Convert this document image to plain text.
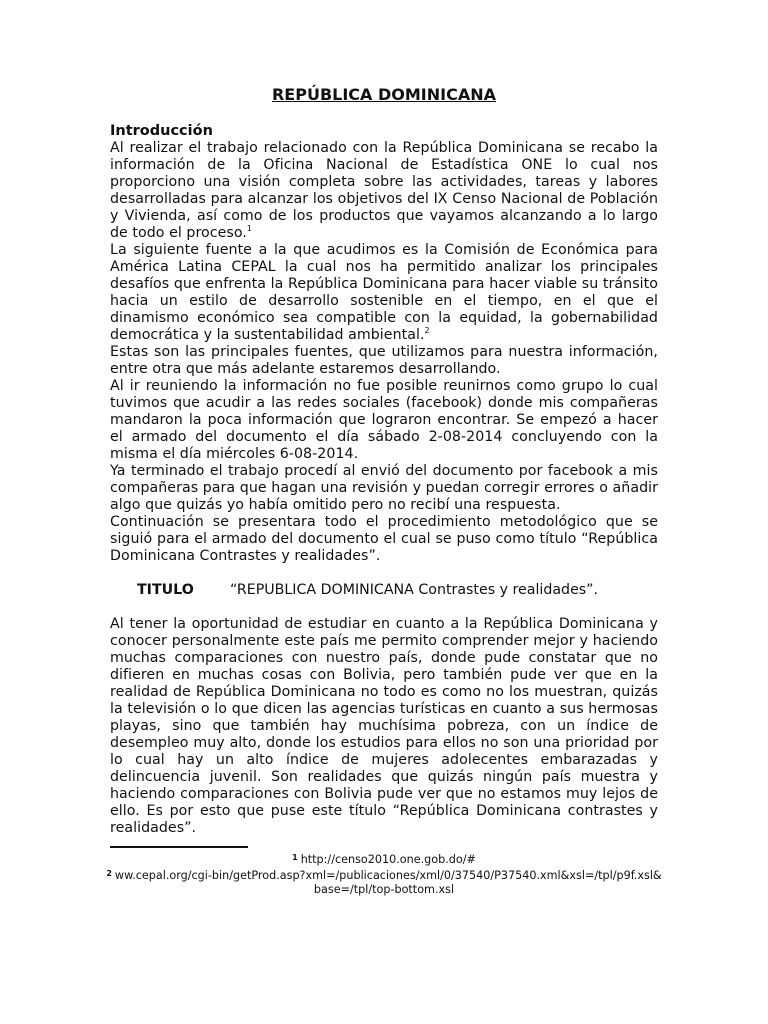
REPÚBLICA DOMINICANA

Introducción

Al realizar el trabajo relacionado con la República Dominicana se recabo la información de la Oficina Nacional de Estadística ONE lo cual nos proporciono una visión completa sobre las actividades, tareas y labores desarrolladas para alcanzar los objetivos del IX Censo Nacional de Población y Vivienda, así como de los productos que vayamos alcanzando a lo largo de todo el proceso.$^1$

La siguiente fuente a la que acudimos es la Comisión de Económica para América Latina CEPAL la cual nos ha permitido analizar los principales desafíos que enfrenta la República Dominicana para hacer viable su tránsito hacia un estilo de desarrollo sostenible en el tiempo, en el que el dinamismo económico sea compatible con la equidad, la gobernabilidad democrática y la sustentabilidad ambiental.$^2$

Estas son las principales fuentes, que utilizamos para nuestra información, entre otra que más adelante estaremos desarrollando.

Al ir reuniendo la información no fue posible reunirnos como grupo lo cual tuvimos que acudir a las redes sociales (facebook) donde mis compañeras mandaron la poca información que lograron encontrar. Se empezó a hacer el armado del documento el día sábado 2-08-2014 concluyendo con la misma el día miércoles 6-08-2014.

Ya terminado el trabajo procedí al envió del documento por facebook a mis compañeras para que hagan una revisión y puedan corregir errores o añadir algo que quizás yo había omitido pero no recibí una respuesta.

Continuación se presentara todo el procedimiento metodológico que se siguió para el armado del documento el cual se puso como título “República Dominicana Contrastes y realidades”.

TITULO	“REPUBLICA DOMINICANA Contrastes y realidades”.

Al tener la oportunidad de estudiar en cuanto a la República Dominicana y conocer personalmente este país me permito comprender mejor y haciendo muchas comparaciones con nuestro país, donde pude constatar que no difieren en muchas cosas con Bolivia, pero también pude ver que en la realidad de República Dominicana no todo es como no los muestran, quizás la televisión o lo que dicen las agencias turísticas en cuanto a sus hermosas playas, sino que también hay muchísima pobreza, con un índice de desempleo muy alto, donde los estudios para ellos no son una prioridad por lo cual hay un alto índice de mujeres adolecentes embarazadas y delincuencia juvenil. Son realidades que quizás ningún país muestra y haciendo comparaciones con Bolivia pude ver que no estamos muy lejos de ello. Es por esto que puse este título “República Dominicana contrastes y realidades”.

$^1$ http://censo2010.one.gob.do/#
$^2$ ww.cepal.org/cgi-bin/getProd.asp?xml=/publicaciones/xml/0/37540/P37540.xml&xsl=/tpl/p9f.xsl&base=/tpl/top-bottom.xsl
